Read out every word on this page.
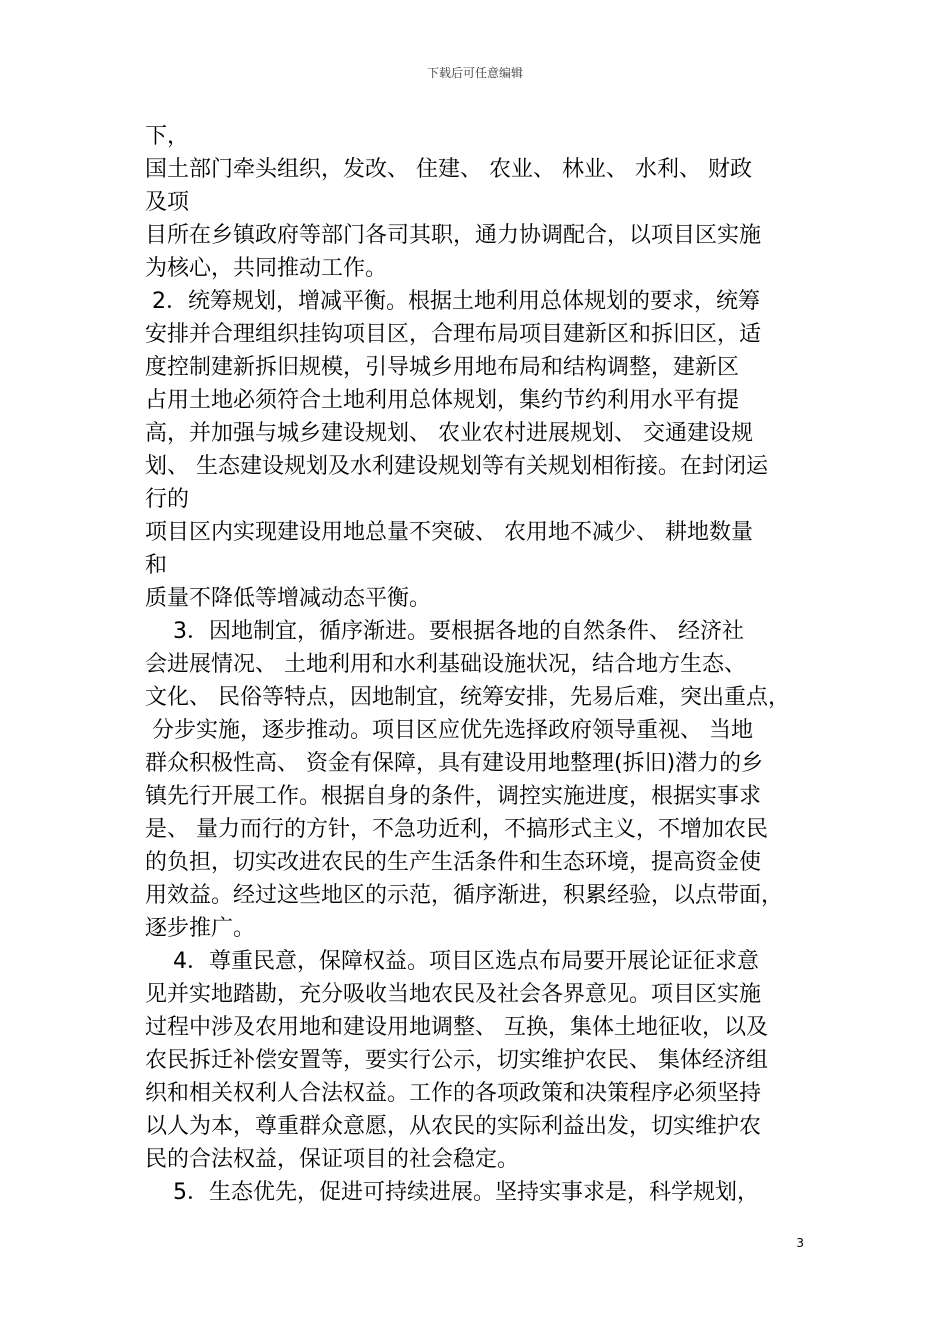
下载后可任意编辑
下，
国土部门牵头组织，发改、 住建、 农业、 林业、 水利、 财政
及项
目所在乡镇政府等部门各司其职，通力协调配合，以项目区实施
为核心，共同推动工作。
2．统筹规划，增减平衡。根据土地利用总体规划的要求，统筹
安排并合理组织挂钩项目区，合理布局项目建新区和拆旧区，适
度控制建新拆旧规模，引导城乡用地布局和结构调整，建新区
占用土地必须符合土地利用总体规划，集约节约利用水平有提
高，并加强与城乡建设规划、 农业农村进展规划、 交通建设规
划、 生态建设规划及水利建设规划等有关规划相衔接。在封闭运
行的
项目区内实现建设用地总量不突破、 农用地不减少、 耕地数量
和
质量不降低等增减动态平衡。
3．因地制宜，循序渐进。要根据各地的自然条件、 经济社
会进展情况、 土地利用和水利基础设施状况，结合地方生态、
文化、 民俗等特点，因地制宜，统筹安排，先易后难，突出重点，
分步实施，逐步推动。项目区应优先选择政府领导重视、 当地
群众积极性高、 资金有保障，具有建设用地整理(拆旧)潜力的乡
镇先行开展工作。根据自身的条件，调控实施进度，根据实事求
是、 量力而行的方针，不急功近利，不搞形式主义，不增加农民
的负担，切实改进农民的生产生活条件和生态环境，提高资金使
用效益。经过这些地区的示范，循序渐进，积累经验，以点带面，
逐步推广。
4．尊重民意，保障权益。项目区选点布局要开展论证征求意
见并实地踏勘，充分吸收当地农民及社会各界意见。项目区实施
过程中涉及农用地和建设用地调整、 互换，集体土地征收，以及
农民拆迁补偿安置等，要实行公示，切实维护农民、 集体经济组
织和相关权利人合法权益。工作的各项政策和决策程序必须坚持
以人为本，尊重群众意愿，从农民的实际利益出发，切实维护农
民的合法权益，保证项目的社会稳定。
5．生态优先，促进可持续进展。坚持实事求是，科学规划，
3
